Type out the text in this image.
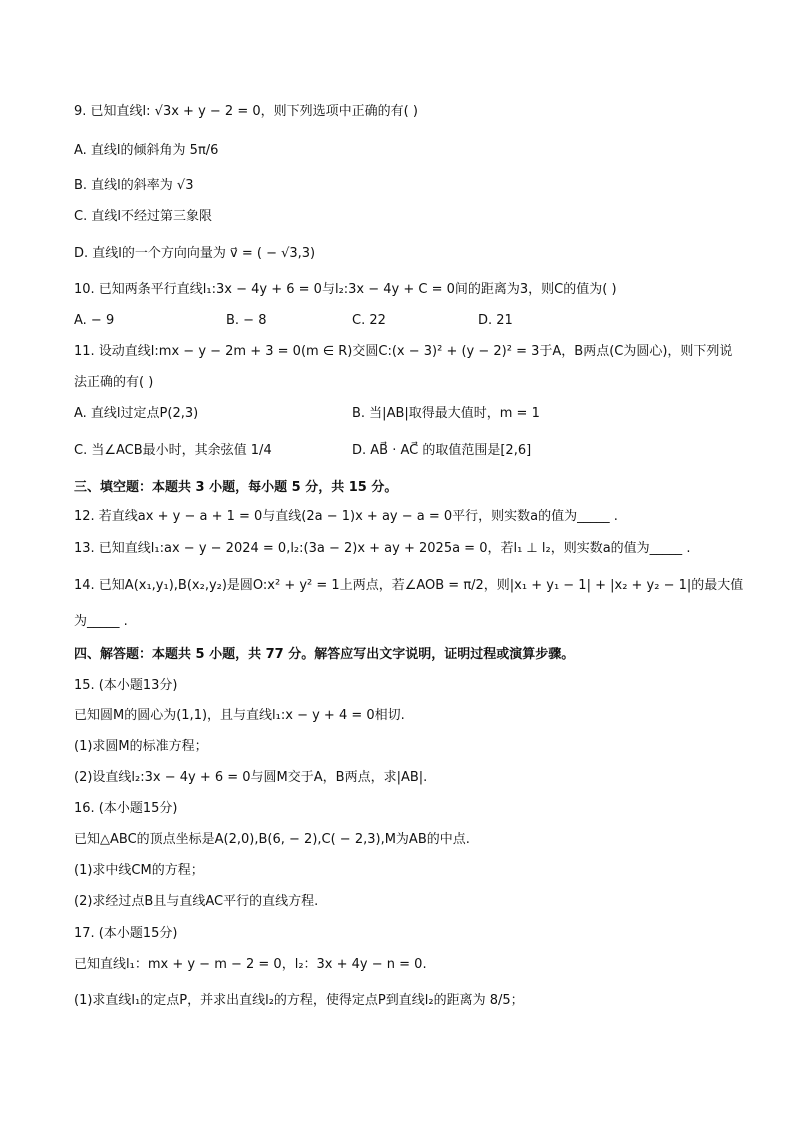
9. 已知直线l: √3x + y − 2 = 0，则下列选项中正确的有( )
A. 直线l的倾斜角为 5π/6
B. 直线l的斜率为 √3
C. 直线l不经过第三象限
D. 直线l的一个方向向量为 v⃗ = ( − √3,3)
10. 已知两条平行直线l₁:3x − 4y + 6 = 0与l₂:3x − 4y + C = 0间的距离为3，则C的值为( )
A. − 9	B. − 8	C. 22	D. 21
11. 设动直线l:mx − y − 2m + 3 = 0(m ∈ R)交圆C:(x − 3)² + (y − 2)² = 3于A，B两点(C为圆心)，则下列说
法正确的有( )
A. 直线l过定点P(2,3)	B. 当|AB|取得最大值时，m = 1
C. 当∠ACB最小时，其余弦值 1/4	D. AB⃗ · AC⃗ 的取值范围是[2,6]
三、填空题：本题共 3 小题，每小题 5 分，共 15 分。
12. 若直线ax + y − a + 1 = 0与直线(2a − 1)x + ay − a = 0平行，则实数a的值为_____ .
13. 已知直线l₁:ax − y − 2024 = 0,l₂:(3a − 2)x + ay + 2025a = 0，若l₁ ⊥ l₂，则实数a的值为_____ .
14. 已知A(x₁,y₁),B(x₂,y₂)是圆O:x² + y² = 1上两点，若∠AOB = π/2，则|x₁ + y₁ − 1| + |x₂ + y₂ − 1|的最大值
为_____ .
四、解答题：本题共 5 小题，共 77 分。解答应写出文字说明，证明过程或演算步骤。
15. (本小题13分)
已知圆M的圆心为(1,1)，且与直线l₁:x − y + 4 = 0相切.
(1)求圆M的标准方程；
(2)设直线l₂:3x − 4y + 6 = 0与圆M交于A，B两点，求|AB|.
16. (本小题15分)
已知△ABC的顶点坐标是A(2,0),B(6, − 2),C( − 2,3),M为AB的中点.
(1)求中线CM的方程；
(2)求经过点B且与直线AC平行的直线方程.
17. (本小题15分)
已知直线l₁：mx + y − m − 2 = 0，l₂：3x + 4y − n = 0.
(1)求直线l₁的定点P，并求出直线l₂的方程，使得定点P到直线l₂的距离为 8/5；
